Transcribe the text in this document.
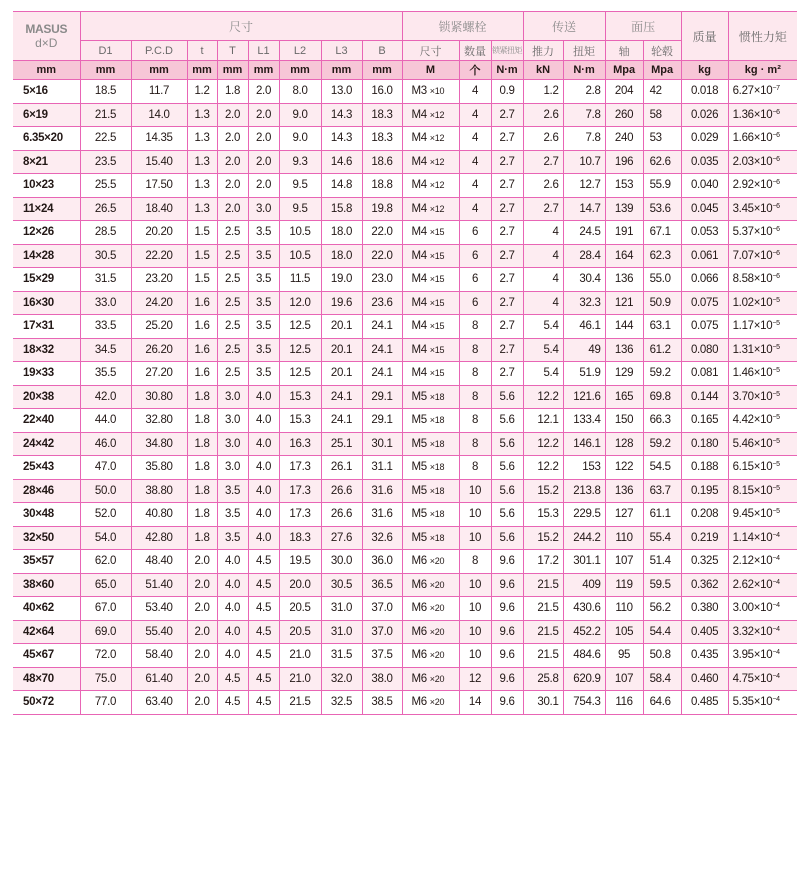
MASUS
d×D	尺寸								锁紧螺栓			传送		面压		质量	惯性力矩
	D1	P.C.D	t	T	L1	L2	L3	B	尺寸	数量	锁紧扭矩	推力	扭矩	轴	轮毂		
mm	mm	mm	mm	mm	mm	mm	mm	mm	M	个	N·m	kN	N·m	Mpa	Mpa	kg	kg · m²
5×16	18.5	11.7	1.2	1.8	2.0	8.0	13.0	16.0	M3 ×10	4	0.9	1.2	2.8	204	42	0.018	$6.27\times 10^{-7}$
6×19	21.5	14.0	1.3	2.0	2.0	9.0	14.3	18.3	M4 ×12	4	2.7	2.6	7.8	260	58	0.026	$1.36\times 10^{-6}$
6.35×20	22.5	14.35	1.3	2.0	2.0	9.0	14.3	18.3	M4 ×12	4	2.7	2.6	7.8	240	53	0.029	$1.66\times 10^{-6}$
8×21	23.5	15.40	1.3	2.0	2.0	9.3	14.6	18.6	M4 ×12	4	2.7	2.7	10.7	196	62.6	0.035	$2.03\times 10^{-6}$
10×23	25.5	17.50	1.3	2.0	2.0	9.5	14.8	18.8	M4 ×12	4	2.7	2.6	12.7	153	55.9	0.040	$2.92\times 10^{-6}$
11×24	26.5	18.40	1.3	2.0	3.0	9.5	15.8	19.8	M4 ×12	4	2.7	2.7	14.7	139	53.6	0.045	$3.45\times 10^{-6}$
12×26	28.5	20.20	1.5	2.5	3.5	10.5	18.0	22.0	M4 ×15	6	2.7	4	24.5	191	67.1	0.053	$5.37\times 10^{-6}$
14×28	30.5	22.20	1.5	2.5	3.5	10.5	18.0	22.0	M4 ×15	6	2.7	4	28.4	164	62.3	0.061	$7.07\times 10^{-6}$
15×29	31.5	23.20	1.5	2.5	3.5	11.5	19.0	23.0	M4 ×15	6	2.7	4	30.4	136	55.0	0.066	$8.58\times 10^{-6}$
16×30	33.0	24.20	1.6	2.5	3.5	12.0	19.6	23.6	M4 ×15	6	2.7	4	32.3	121	50.9	0.075	$1.02\times 10^{-5}$
17×31	33.5	25.20	1.6	2.5	3.5	12.5	20.1	24.1	M4 ×15	8	2.7	5.4	46.1	144	63.1	0.075	$1.17\times 10^{-5}$
18×32	34.5	26.20	1.6	2.5	3.5	12.5	20.1	24.1	M4 ×15	8	2.7	5.4	49	136	61.2	0.080	$1.31\times 10^{-5}$
19×33	35.5	27.20	1.6	2.5	3.5	12.5	20.1	24.1	M4 ×15	8	2.7	5.4	51.9	129	59.2	0.081	$1.46\times 10^{-5}$
20×38	42.0	30.80	1.8	3.0	4.0	15.3	24.1	29.1	M5 ×18	8	5.6	12.2	121.6	165	69.8	0.144	$3.70\times 10^{-5}$
22×40	44.0	32.80	1.8	3.0	4.0	15.3	24.1	29.1	M5 ×18	8	5.6	12.1	133.4	150	66.3	0.165	$4.42\times 10^{-5}$
24×42	46.0	34.80	1.8	3.0	4.0	16.3	25.1	30.1	M5 ×18	8	5.6	12.2	146.1	128	59.2	0.180	$5.46\times 10^{-5}$
25×43	47.0	35.80	1.8	3.0	4.0	17.3	26.1	31.1	M5 ×18	8	5.6	12.2	153	122	54.5	0.188	$6.15\times 10^{-5}$
28×46	50.0	38.80	1.8	3.5	4.0	17.3	26.6	31.6	M5 ×18	10	5.6	15.2	213.8	136	63.7	0.195	$8.15\times 10^{-5}$
30×48	52.0	40.80	1.8	3.5	4.0	17.3	26.6	31.6	M5 ×18	10	5.6	15.3	229.5	127	61.1	0.208	$9.45\times 10^{-5}$
32×50	54.0	42.80	1.8	3.5	4.0	18.3	27.6	32.6	M5 ×18	10	5.6	15.2	244.2	110	55.4	0.219	$1.14\times 10^{-4}$
35×57	62.0	48.40	2.0	4.0	4.5	19.5	30.0	36.0	M6 ×20	8	9.6	17.2	301.1	107	51.4	0.325	$2.12\times 10^{-4}$
38×60	65.0	51.40	2.0	4.0	4.5	20.0	30.5	36.5	M6 ×20	10	9.6	21.5	409	119	59.5	0.362	$2.62\times 10^{-4}$
40×62	67.0	53.40	2.0	4.0	4.5	20.5	31.0	37.0	M6 ×20	10	9.6	21.5	430.6	110	56.2	0.380	$3.00\times 10^{-4}$
42×64	69.0	55.40	2.0	4.0	4.5	20.5	31.0	37.0	M6 ×20	10	9.6	21.5	452.2	105	54.4	0.405	$3.32\times 10^{-4}$
45×67	72.0	58.40	2.0	4.0	4.5	21.0	31.5	37.5	M6 ×20	10	9.6	21.5	484.6	95	50.8	0.435	$3.95\times 10^{-4}$
48×70	75.0	61.40	2.0	4.5	4.5	21.0	32.0	38.0	M6 ×20	12	9.6	25.8	620.9	107	58.4	0.460	$4.75\times 10^{-4}$
50×72	77.0	63.40	2.0	4.5	4.5	21.5	32.5	38.5	M6 ×20	14	9.6	30.1	754.3	116	64.6	0.485	$5.35\times 10^{-4}$
